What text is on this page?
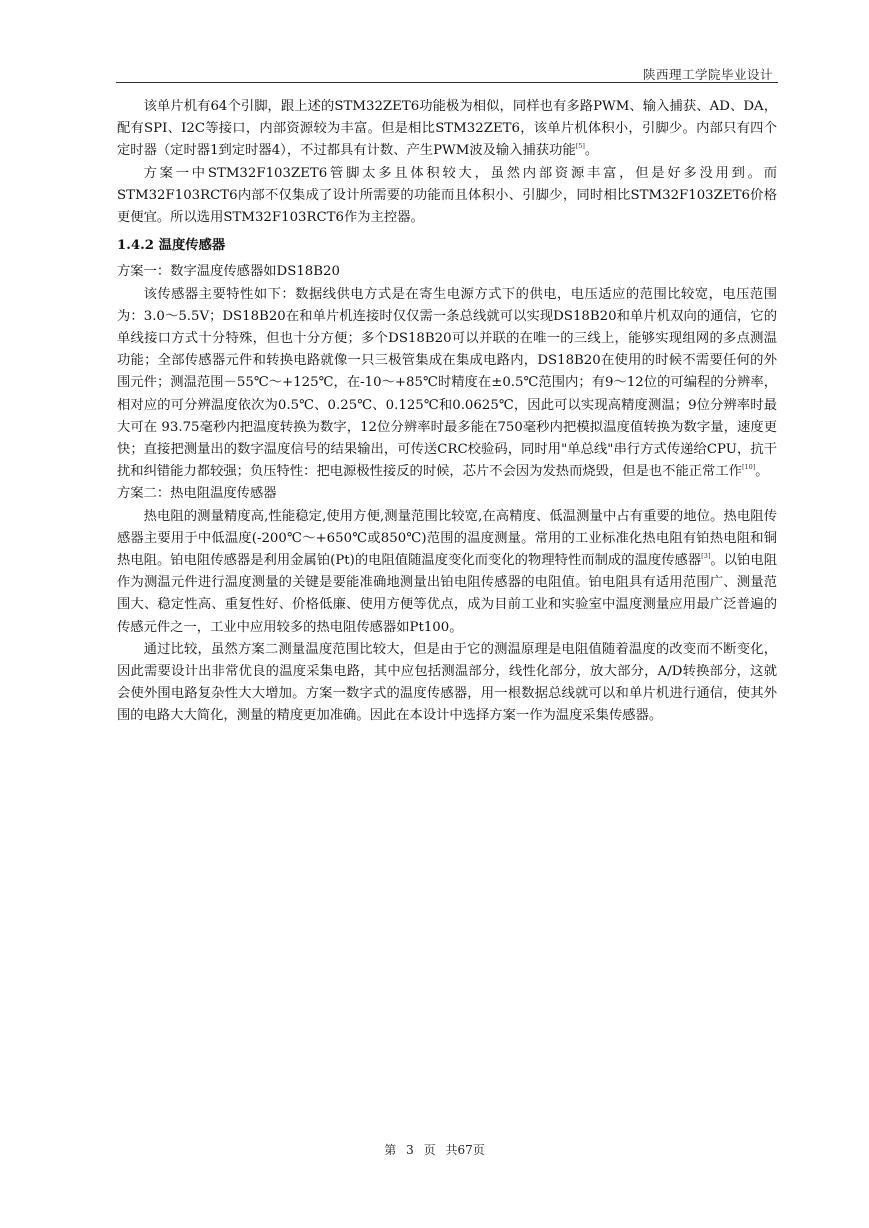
陕西理工学院毕业设计

该单片机有64个引脚，跟上述的STM32ZET6功能极为相似，同样也有多路PWM、输入捕获、AD、DA，配有SPI、I2C等接口，内部资源较为丰富。但是相比STM32ZET6，该单片机体积小，引脚少。内部只有四个定时器（定时器1到定时器4），不过都具有计数、产生PWM波及输入捕获功能[5]。

方案一中STM32F103ZET6管脚太多且体积较大，虽然内部资源丰富，但是好多没用到。而STM32F103RCT6内部不仅集成了设计所需要的功能而且体积小、引脚少，同时相比STM32F103ZET6价格更便宜。所以选用STM32F103RCT6作为主控器。

1.4.2 温度传感器

方案一：数字温度传感器如DS18B20

该传感器主要特性如下：数据线供电方式是在寄生电源方式下的供电，电压适应的范围比较宽，电压范围为：3.0～5.5V；DS18B20在和单片机连接时仅仅需一条总线就可以实现DS18B20和单片机双向的通信，它的单线接口方式十分特殊，但也十分方便；多个DS18B20可以并联的在唯一的三线上，能够实现组网的多点测温功能；全部传感器元件和转换电路就像一只三极管集成在集成电路内，DS18B20在使用的时候不需要任何的外围元件；测温范围－55℃～+125℃，在-10～+85℃时精度在±0.5℃范围内；有9～12位的可编程的分辨率，相对应的可分辨温度依次为0.5℃、0.25℃、0.125℃和0.0625℃，因此可以实现高精度测温；9位分辨率时最大可在 93.75毫秒内把温度转换为数字，12位分辨率时最多能在750毫秒内把模拟温度值转换为数字量，速度更快；直接把测量出的数字温度信号的结果输出，可传送CRC校验码，同时用"单总线"串行方式传递给CPU，抗干扰和纠错能力都较强；负压特性：把电源极性接反的时候，芯片不会因为发热而烧毁，但是也不能正常工作[10]。

方案二：热电阻温度传感器

热电阻的测量精度高,性能稳定,使用方便,测量范围比较宽,在高精度、低温测量中占有重要的地位。热电阻传感器主要用于中低温度(-200℃～+650℃或850℃)范围的温度测量。常用的工业标准化热电阻有铂热电阻和铜热电阻。铂电阻传感器是利用金属铂(Pt)的电阻值随温度变化而变化的物理特性而制成的温度传感器[3]。以铂电阻作为测温元件进行温度测量的关键是要能准确地测量出铂电阻传感器的电阻值。铂电阻具有适用范围广、测量范围大、稳定性高、重复性好、价格低廉、使用方便等优点，成为目前工业和实验室中温度测量应用最广泛普遍的传感元件之一，工业中应用较多的热电阻传感器如Pt100。

通过比较，虽然方案二测量温度范围比较大，但是由于它的测温原理是电阻值随着温度的改变而不断变化，因此需要设计出非常优良的温度采集电路，其中应包括测温部分，线性化部分，放大部分，A/D转换部分，这就会使外围电路复杂性大大增加。方案一数字式的温度传感器，用一根数据总线就可以和单片机进行通信，使其外围的电路大大简化，测量的精度更加准确。因此在本设计中选择方案一作为温度采集传感器。

第 3 页 共67页
